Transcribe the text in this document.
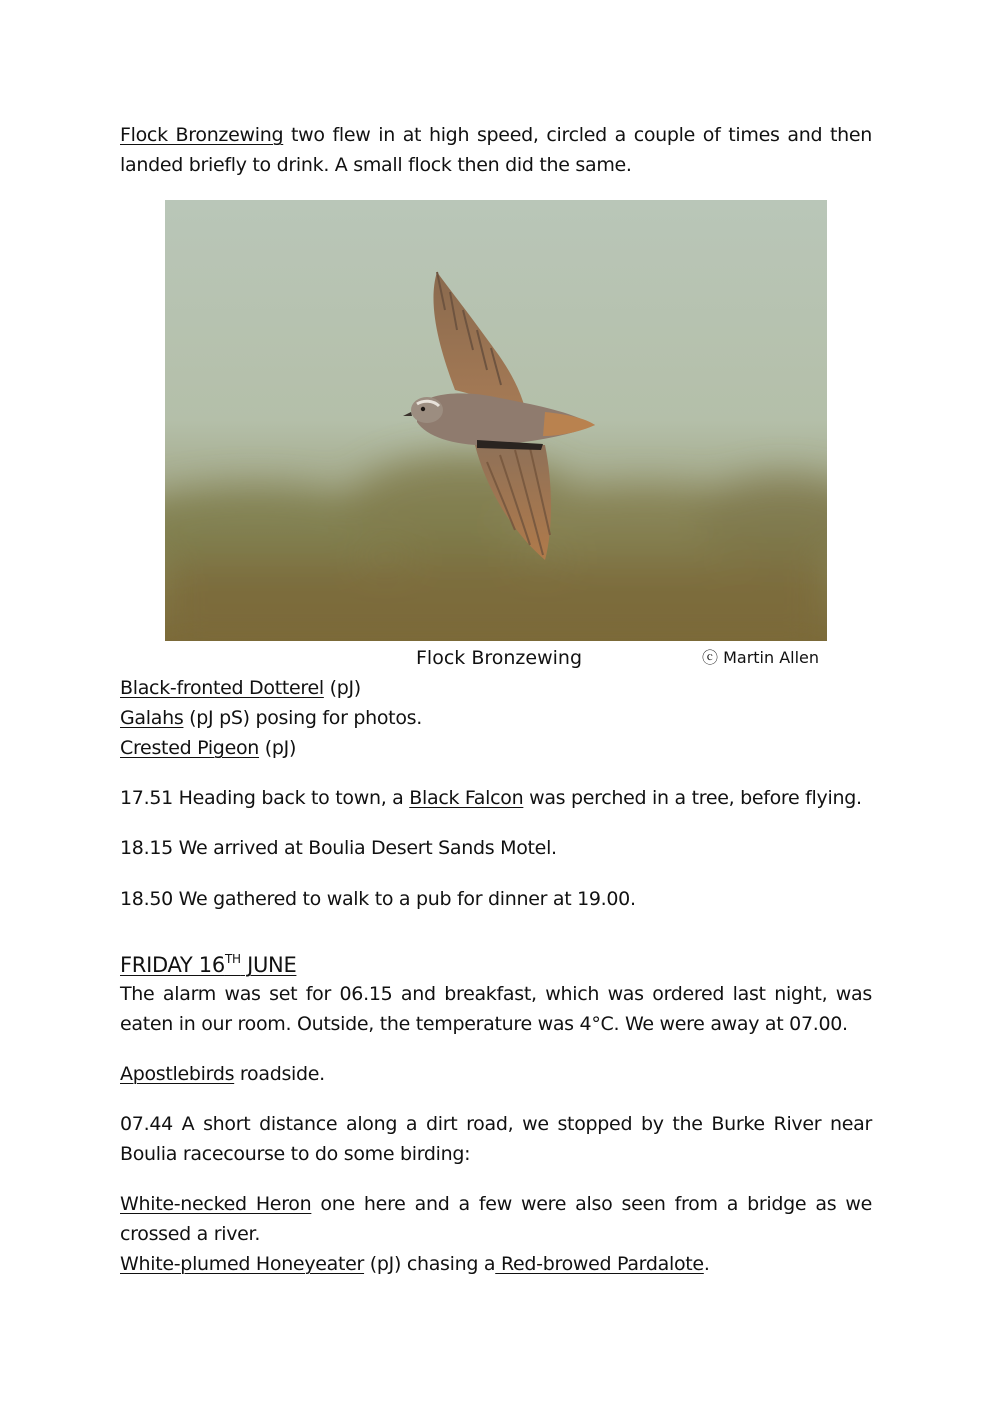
Flock Bronzewing two flew in at high speed, circled a couple of times and then landed briefly to drink. A small flock then did the same.

Flock Bronzewing	ⓒ Martin Allen

Black-fronted Dotterel (pJ)

Galahs (pJ pS) posing for photos.

Crested Pigeon (pJ)

17.51 Heading back to town, a Black Falcon was perched in a tree, before flying.

18.15 We arrived at Boulia Desert Sands Motel.

18.50 We gathered to walk to a pub for dinner at 19.00.

FRIDAY 16TH JUNE

The alarm was set for 06.15 and breakfast, which was ordered last night, was eaten in our room. Outside, the temperature was 4°C. We were away at 07.00.

Apostlebirds roadside.

07.44 A short distance along a dirt road, we stopped by the Burke River near Boulia racecourse to do some birding:

White-necked Heron one here and a few were also seen from a bridge as we crossed a river.

White-plumed Honeyeater (pJ) chasing a Red-browed Pardalote.
